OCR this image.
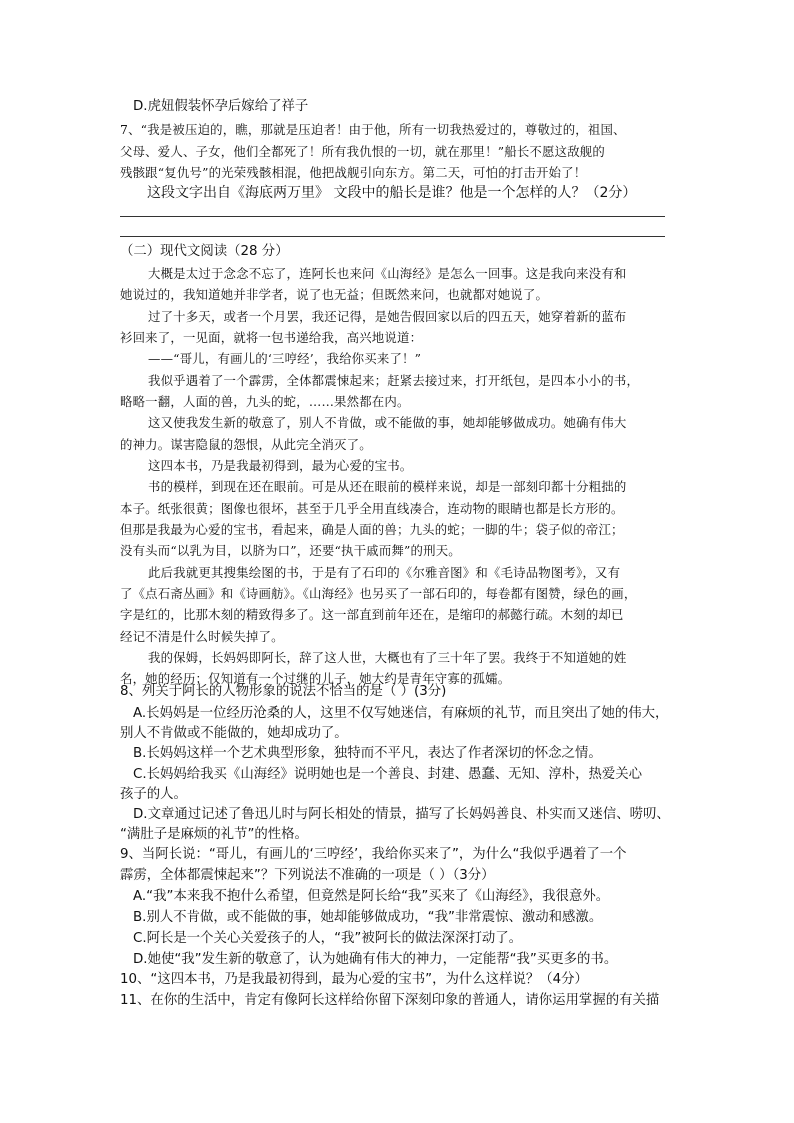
D.虎妞假装怀孕后嫁给了祥子
7、“我是被压迫的，瞧，那就是压迫者！由于他，所有一切我热爱过的，尊敬过的，祖国、
父母、爱人、子女，他们全都死了！所有我仇恨的一切，就在那里！”船长不愿这敌舰的
残骸跟“复仇号”的光荣残骸相混，他把战舰引向东方。第二天，可怕的打击开始了！
这段文字出自《海底两万里》 文段中的船长是谁？他是一个怎样的人？（2分）
（二）现代文阅读（28 分）
大概是太过于念念不忘了，连阿长也来问《山海经》是怎么一回事。这是我向来没有和
她说过的，我知道她并非学者，说了也无益；但既然来问，也就都对她说了。
过了十多天，或者一个月罢，我还记得，是她告假回家以后的四五天，她穿着新的蓝布
衫回来了，一见面，就将一包书递给我，高兴地说道：
——“哥儿，有画儿的‘三哼经’，我给你买来了！”
我似乎遇着了一个霹雳，全体都震悚起来；赶紧去接过来，打开纸包，是四本小小的书，
略略一翻，人面的兽，九头的蛇，……果然都在内。
这又使我发生新的敬意了，别人不肯做，或不能做的事，她却能够做成功。她确有伟大
的神力。谋害隐鼠的怨恨，从此完全消灭了。
这四本书，乃是我最初得到，最为心爱的宝书。
书的模样，到现在还在眼前。可是从还在眼前的模样来说，却是一部刻印都十分粗拙的
本子。纸张很黄；图像也很坏，甚至于几乎全用直线凑合，连动物的眼睛也都是长方形的。
但那是我最为心爱的宝书，看起来，确是人面的兽；九头的蛇；一脚的牛；袋子似的帝江；
没有头而“以乳为目，以脐为口”，还要“执干戚而舞”的刑天。
此后我就更其搜集绘图的书，于是有了石印的《尔雅音图》和《毛诗品物图考》，又有
了《点石斋丛画》和《诗画舫》。《山海经》也另买了一部石印的，每卷都有图赞，绿色的画，
字是红的，比那木刻的精致得多了。这一部直到前年还在，是缩印的郝懿行疏。木刻的却已
经记不清是什么时候失掉了。
我的保姆，长妈妈即阿长，辞了这人世，大概也有了三十年了罢。我终于不知道她的姓
名，她的经历；仅知道有一个过继的儿子，她大约是青年守寡的孤孀。
8、列关于阿长的人物形象的说法不恰当的是（ ）(3分)
A.长妈妈是一位经历沧桑的人，这里不仅写她迷信，有麻烦的礼节，而且突出了她的伟大，
别人不肯做或不能做的，她却成功了。
B.长妈妈这样一个艺术典型形象，独特而不平凡，表达了作者深切的怀念之情。
C.长妈妈给我买《山海经》说明她也是一个善良、封建、愚蠢、无知、淳朴，热爱关心
孩子的人。
D.文章通过记述了鲁迅儿时与阿长相处的情景，描写了长妈妈善良、朴实而又迷信、唠叨、
“满肚子是麻烦的礼节”的性格。
9、当阿长说：“哥儿，有画儿的‘三哼经’，我给你买来了”，为什么“我似乎遇着了一个
霹雳，全体都震悚起来”？下列说法不准确的一项是（ ）（3分）
A.“我”本来我不抱什么希望，但竟然是阿长给“我”买来了《山海经》，我很意外。
B.别人不肯做，或不能做的事，她却能够做成功，“我”非常震惊、激动和感激。
C.阿长是一个关心关爱孩子的人，“我”被阿长的做法深深打动了。
D.她使“我”发生新的敬意了，认为她确有伟大的神力，一定能帮“我”买更多的书。
10、“这四本书，乃是我最初得到，最为心爱的宝书”，为什么这样说？（4分）
11、在你的生活中，肯定有像阿长这样给你留下深刻印象的普通人，请你运用掌握的有关描
